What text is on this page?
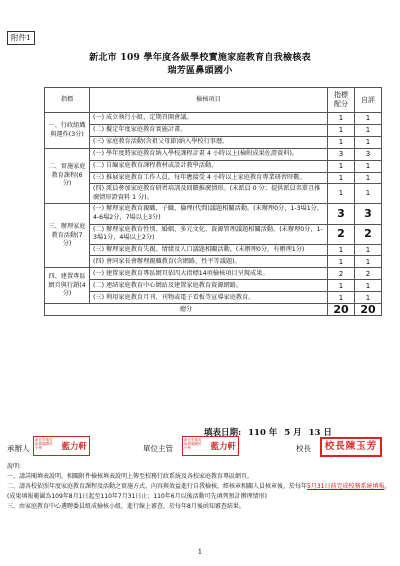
附件1
新北市 109 學年度各級學校實施家庭教育自我檢核表
瑞芳區鼻頭國小
指標	檢核項目	指標配分	自評
一、行政組織與運作(3分)	(一) 成立執行小組，定期召開會議。	1	1
	(二) 擬定年度家庭教育實施計畫。	1	1
	(三) 家庭教育活動(含祖父母節)納入學校行事曆。	1	1
二、實施家庭教育課程(6分)	(一) 學年度將家庭教育納入學校課程計畫 4 小時以上(檢附成果佐證資料)。	3	3
	(二) 自編家庭教育課程教材或設計教學活動。	1	1
	(三) 推展家庭教育工作人員，每年應接受 4 小時以上家庭教育專業研習時數。	1	1
	(四) 派員參加家庭教育研習培訓及回饋推廣情形。(未派員 0 分；提供派員名單且推廣情形證資料 1 分)。	1	1
三、辦理家庭教育活動(7分)	(一) 辦理家庭教育親職、子職、倫理(代間)議題相關活動。(未辦理0分，1-3場1分，4-6場2分，7場以上3分)	3	3
	(二) 辦理家庭教育性別、婚姻、多元文化、資源管理議題相關活動。(未辦理0分，1-3場1分，4場以上2分)	2	2
	(三) 辦理家庭教育失親、情緒及人口議題相關活動。(未辦理0分，有辦理1分)	1	1
	(四) 會同家長會辦理親職教育(含網路、性平等議題)。	1	1
四、建置專區網頁與行銷(4分)	(一) 建置家庭教育專區網頁依四大指標14項檢核項目呈現成果。	2	2
	(二) 連結家庭教育中心網站及建置家庭教育資源網路。	1	1
	(三) 利用家庭教育月刊、刊物或電子看板等宣導家庭教育。	1	1
總分		20	20
填表日期: 110 年 5 月 13 日
承辦人
新北市瑞芳區鼻頭國民小學	藍力軒	單位主管
新北市瑞芳區鼻頭國民小學	藍力軒	校長	校長陳玉芳
說明:
一、請詳閱填表說明，相關附件檢核填表說明上傳至校務行政系統及各校家庭教育專區網頁。
二、請各校依照年度家庭教育課程及活動之實施方式、內容與效益進行自我檢核，經核章相關人員核章後，於每年5月31日前完成校務系統填報。(成果填報範圍為109年8月1日起至110年7月31日止；110年6月以後活動可先填列預計辦理情形)
三、由家庭教育中心遴聘委員組成檢核小組，進行線上審查，於每年8月後函知審查結果。
1
